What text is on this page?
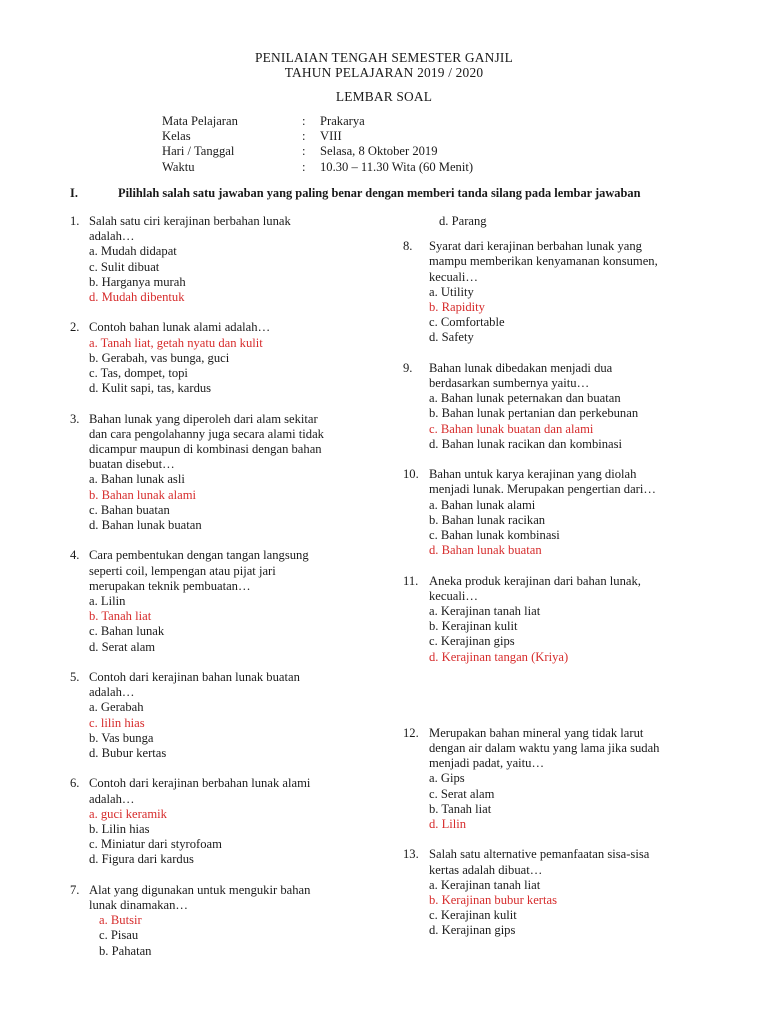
PENILAIAN TENGAH SEMESTER GANJIL
TAHUN PELAJARAN 2019 / 2020
LEMBAR SOAL
Mata Pelajaran	:	Prakarya
Kelas	:	VIII
Hari / Tanggal	:	Selasa, 8 Oktober 2019
Waktu	:	10.30 – 11.30 Wita (60 Menit)
I.	Pilihlah salah satu jawaban yang paling benar dengan memberi tanda silang pada lembar jawaban
1. Salah satu ciri kerajinan berbahan lunak
adalah…
a. Mudah didapat
c. Sulit dibuat
b. Harganya murah
d. Mudah dibentuk
2. Contoh bahan lunak alami adalah…
a. Tanah liat, getah nyatu dan kulit
b. Gerabah, vas bunga, guci
c. Tas, dompet, topi
d. Kulit sapi, tas, kardus
3. Bahan lunak yang diperoleh dari alam sekitar
dan cara pengolahanny juga secara alami tidak
dicampur maupun di kombinasi dengan bahan
buatan disebut…
a. Bahan lunak asli
b. Bahan lunak alami
c. Bahan buatan
d. Bahan lunak buatan
4. Cara pembentukan dengan tangan langsung
seperti coil, lempengan atau pijat jari
merupakan teknik pembuatan…
a. Lilin
b. Tanah liat
c. Bahan lunak
d. Serat alam
5. Contoh dari kerajinan bahan lunak buatan
adalah…
a. Gerabah
c. lilin hias
b. Vas bunga
d. Bubur kertas
6. Contoh dari kerajinan berbahan lunak alami
adalah…
a. guci keramik
b. Lilin hias
c. Miniatur dari styrofoam
d. Figura dari kardus
7. Alat yang digunakan untuk mengukir bahan
lunak dinamakan…
a. Butsir
c. Pisau
b. Pahatan
d. Parang
8. Syarat dari kerajinan berbahan lunak yang
mampu memberikan kenyamanan konsumen,
kecuali…
a. Utility
b. Rapidity
c. Comfortable
d. Safety
9. Bahan lunak dibedakan menjadi dua
berdasarkan sumbernya yaitu…
a. Bahan lunak peternakan dan buatan
b. Bahan lunak pertanian dan perkebunan
c. Bahan lunak buatan dan alami
d. Bahan lunak racikan dan kombinasi
10. Bahan untuk karya kerajinan yang diolah
menjadi lunak. Merupakan pengertian dari…
a. Bahan lunak alami
b. Bahan lunak racikan
c. Bahan lunak kombinasi
d. Bahan lunak buatan
11. Aneka produk kerajinan dari bahan lunak,
kecuali…
a. Kerajinan tanah liat
b. Kerajinan kulit
c. Kerajinan gips
d. Kerajinan tangan (Kriya)
12. Merupakan bahan mineral yang tidak larut
dengan air dalam waktu yang lama jika sudah
menjadi padat, yaitu…
a. Gips
c. Serat alam
b. Tanah liat
d. Lilin
13. Salah satu alternative pemanfaatan sisa-sisa
kertas adalah dibuat…
a. Kerajinan tanah liat
b. Kerajinan bubur kertas
c. Kerajinan kulit
d. Kerajinan gips
